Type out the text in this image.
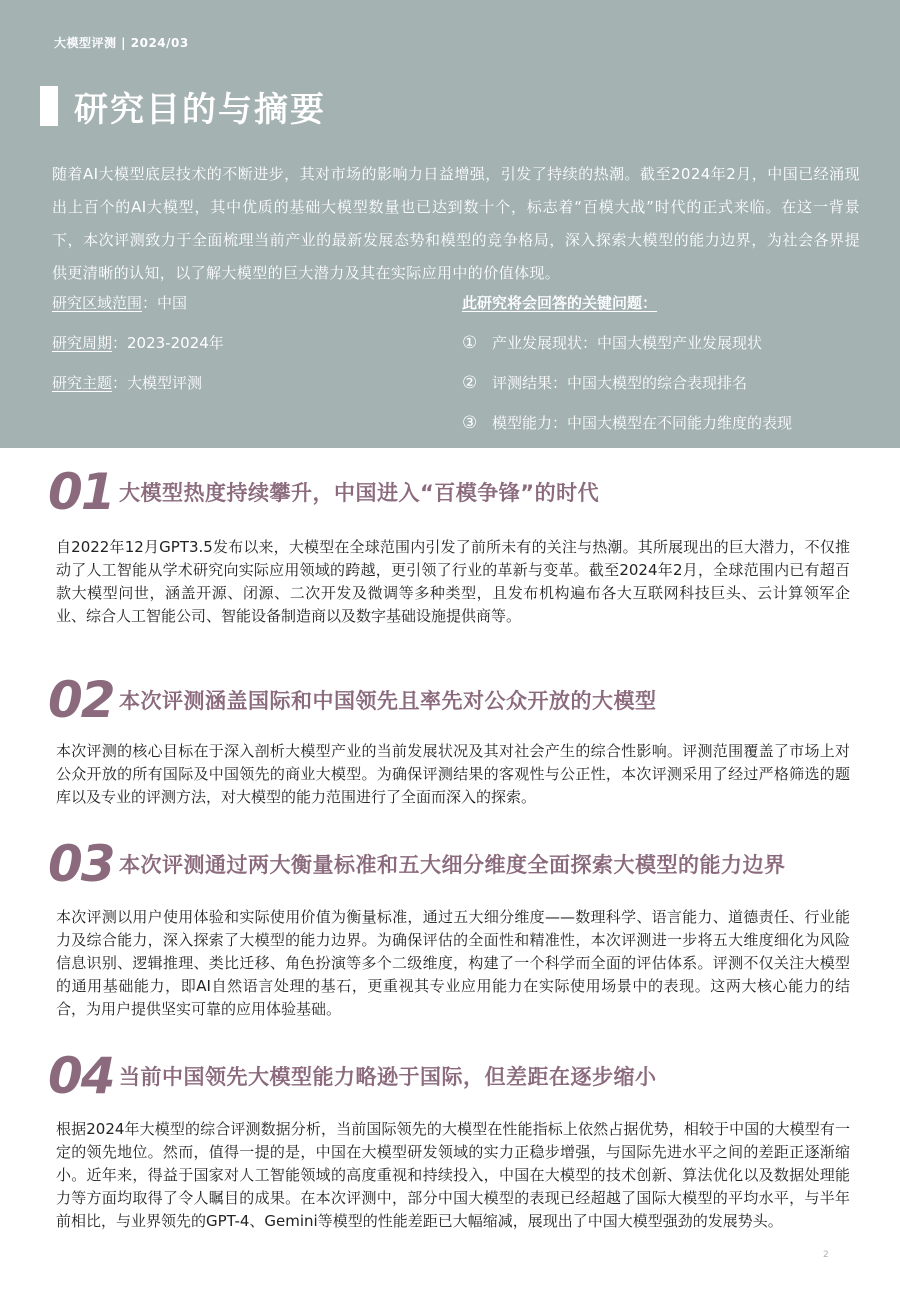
大模型评测 | 2024/03
研究目的与摘要

随着AI大模型底层技术的不断进步，其对市场的影响力日益增强，引发了持续的热潮。截至2024年2月，中国已经涌现出上百个的AI大模型，其中优质的基础大模型数量也已达到数十个，标志着“百模大战”时代的正式来临。在这一背景下，本次评测致力于全面梳理当前产业的最新发展态势和模型的竞争格局，深入探索大模型的能力边界，为社会各界提供更清晰的认知，以了解大模型的巨大潜力及其在实际应用中的价值体现。

研究区域范围：中国
研究周期：2023-2024年
研究主题：大模型评测
此研究将会回答的关键问题：
① 产业发展现状：中国大模型产业发展现状
② 评测结果：中国大模型的综合表现排名
③ 模型能力：中国大模型在不同能力维度的表现
01 大模型热度持续攀升，中国进入“百模争锋”的时代

自2022年12月GPT3.5发布以来，大模型在全球范围内引发了前所未有的关注与热潮。其所展现出的巨大潜力，不仅推动了人工智能从学术研究向实际应用领域的跨越，更引领了行业的革新与变革。截至2024年2月，全球范围内已有超百款大模型问世，涵盖开源、闭源、二次开发及微调等多种类型，且发布机构遍布各大互联网科技巨头、云计算领军企业、综合人工智能公司、智能设备制造商以及数字基础设施提供商等。

02 本次评测涵盖国际和中国领先且率先对公众开放的大模型

本次评测的核心目标在于深入剖析大模型产业的当前发展状况及其对社会产生的综合性影响。评测范围覆盖了市场上对公众开放的所有国际及中国领先的商业大模型。为确保评测结果的客观性与公正性，本次评测采用了经过严格筛选的题库以及专业的评测方法，对大模型的能力范围进行了全面而深入的探索。

03 本次评测通过两大衡量标准和五大细分维度全面探索大模型的能力边界

本次评测以用户使用体验和实际使用价值为衡量标准，通过五大细分维度——数理科学、语言能力、道德责任、行业能力及综合能力，深入探索了大模型的能力边界。为确保评估的全面性和精准性，本次评测进一步将五大维度细化为风险信息识别、逻辑推理、类比迁移、角色扮演等多个二级维度，构建了一个科学而全面的评估体系。评测不仅关注大模型的通用基础能力，即AI自然语言处理的基石，更重视其专业应用能力在实际使用场景中的表现。这两大核心能力的结合，为用户提供坚实可靠的应用体验基础。

04 当前中国领先大模型能力略逊于国际，但差距在逐步缩小

根据2024年大模型的综合评测数据分析，当前国际领先的大模型在性能指标上依然占据优势，相较于中国的大模型有一定的领先地位。然而，值得一提的是，中国在大模型研发领域的实力正稳步增强，与国际先进水平之间的差距正逐渐缩小。近年来，得益于国家对人工智能领域的高度重视和持续投入，中国在大模型的技术创新、算法优化以及数据处理能力等方面均取得了令人瞩目的成果。在本次评测中，部分中国大模型的表现已经超越了国际大模型的平均水平，与半年前相比，与业界领先的GPT-4、Gemini等模型的性能差距已大幅缩减，展现出了中国大模型强劲的发展势头。

2
